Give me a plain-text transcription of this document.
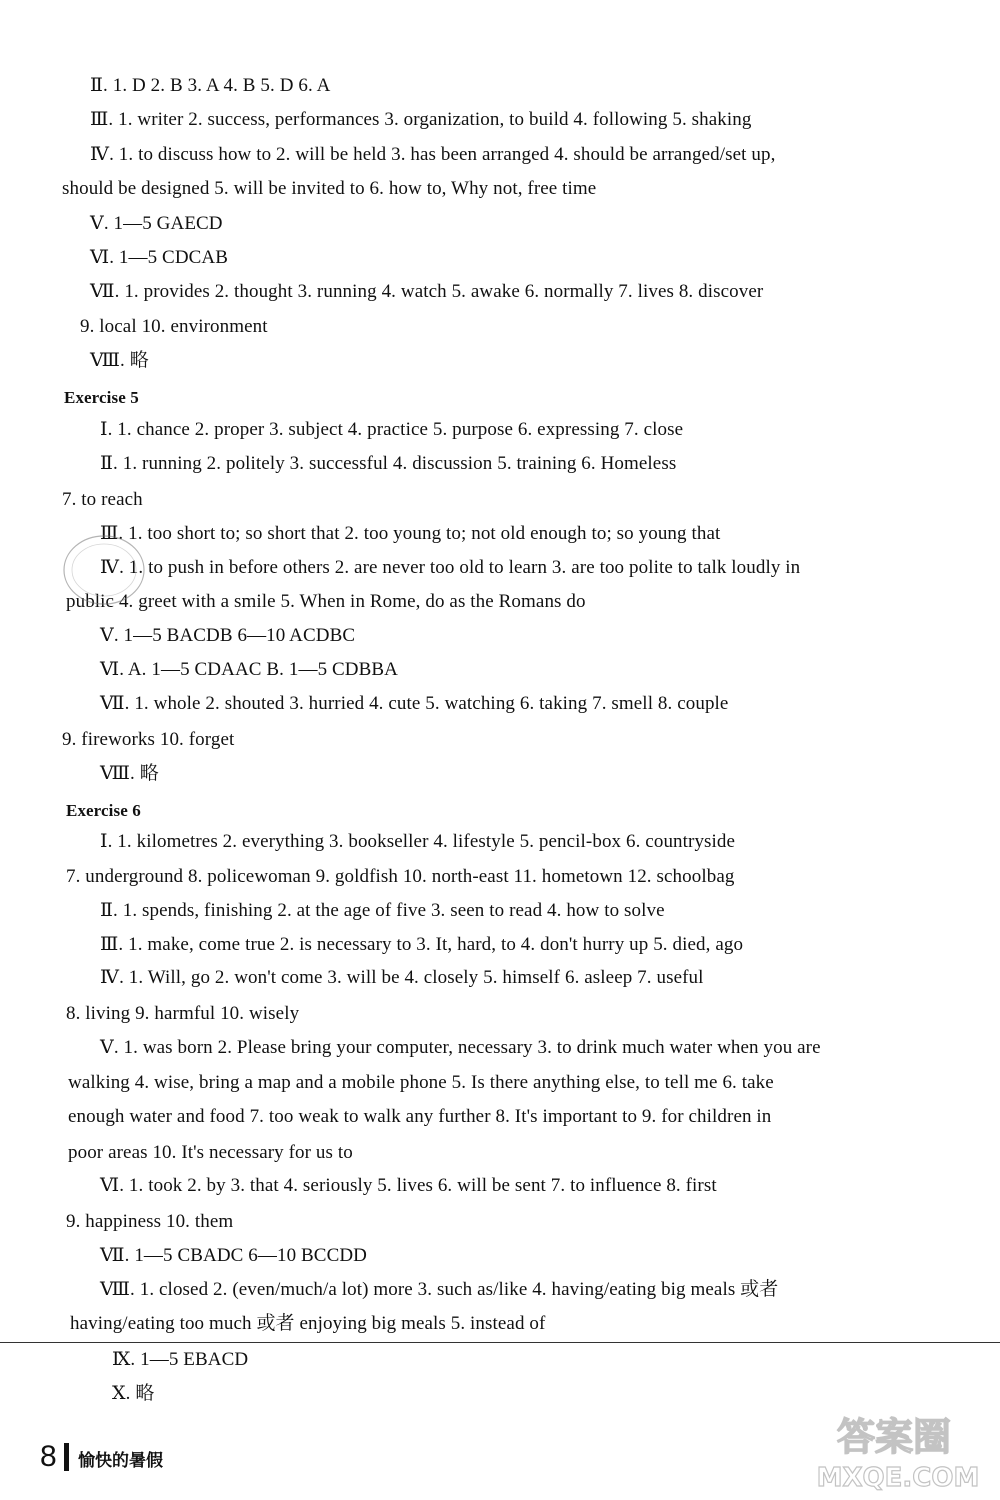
Ⅱ. 1. D 2. B 3. A 4. B 5. D 6. A
Ⅲ. 1. writer 2. success, performances 3. organization, to build 4. following 5. shaking
Ⅳ. 1. to discuss how to 2. will be held 3. has been arranged 4. should be arranged/set up,
should be designed 5. will be invited to 6. how to, Why not, free time
Ⅴ. 1—5 GAECD
Ⅵ. 1—5 CDCAB
Ⅶ. 1. provides 2. thought 3. running 4. watch 5. awake 6. normally 7. lives 8. discover
9. local 10. environment
Ⅷ. 略
Exercise 5
Ⅰ. 1. chance 2. proper 3. subject 4. practice 5. purpose 6. expressing 7. close
Ⅱ. 1. running 2. politely 3. successful 4. discussion 5. training 6. Homeless
7. to reach
Ⅲ. 1. too short to; so short that 2. too young to; not old enough to; so young that
Ⅳ. 1. to push in before others 2. are never too old to learn 3. are too polite to talk loudly in
public 4. greet with a smile 5. When in Rome, do as the Romans do
Ⅴ. 1—5 BACDB 6—10 ACDBC
Ⅵ. A. 1—5 CDAAC B. 1—5 CDBBA
Ⅶ. 1. whole 2. shouted 3. hurried 4. cute 5. watching 6. taking 7. smell 8. couple
9. fireworks 10. forget
Ⅷ. 略
Exercise 6
Ⅰ. 1. kilometres 2. everything 3. bookseller 4. lifestyle 5. pencil-box 6. countryside
7. underground 8. policewoman 9. goldfish 10. north-east 11. hometown 12. schoolbag
Ⅱ. 1. spends, finishing 2. at the age of five 3. seen to read 4. how to solve
Ⅲ. 1. make, come true 2. is necessary to 3. It, hard, to 4. don't hurry up 5. died, ago
Ⅳ. 1. Will, go 2. won't come 3. will be 4. closely 5. himself 6. asleep 7. useful
8. living 9. harmful 10. wisely
Ⅴ. 1. was born 2. Please bring your computer, necessary 3. to drink much water when you are
walking 4. wise, bring a map and a mobile phone 5. Is there anything else, to tell me 6. take
enough water and food 7. too weak to walk any further 8. It's important to 9. for children in
poor areas 10. It's necessary for us to
Ⅵ. 1. took 2. by 3. that 4. seriously 5. lives 6. will be sent 7. to influence 8. first
9. happiness 10. them
Ⅶ. 1—5 CBADC 6—10 BCCDD
Ⅷ. 1. closed 2. (even/much/a lot) more 3. such as/like 4. having/eating big meals 或者
having/eating too much 或者 enjoying big meals 5. instead of
Ⅸ. 1—5 EBACD
Ⅹ. 略
8 愉快的暑假
答案圈
MXQE.COM
